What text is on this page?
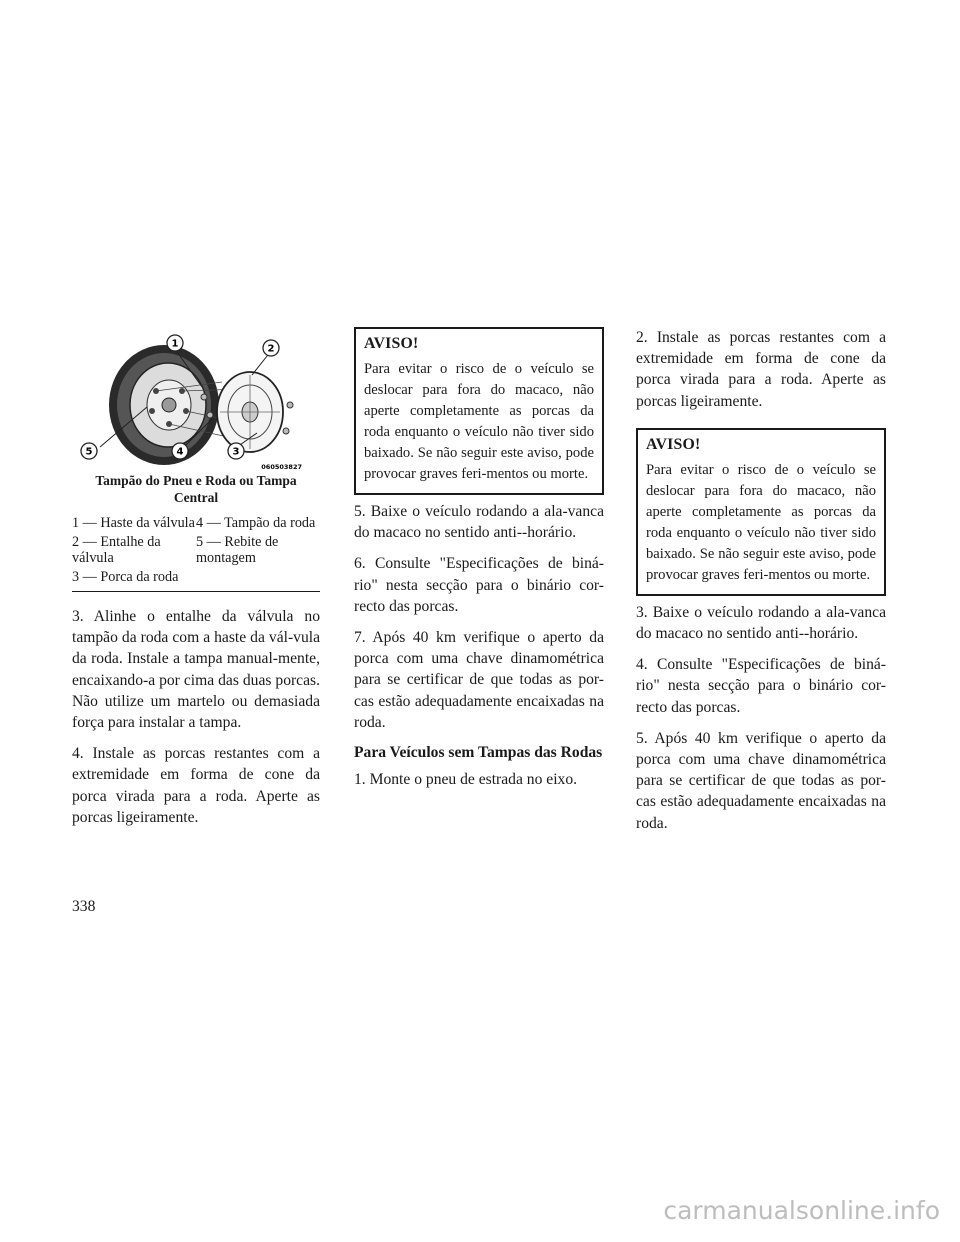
1	2
3
4
5
060503827
Tampão do Pneu e Roda ou Tampa Central
1 — Haste da válvula 4 — Tampão da roda
2 — Entalhe da válvula
5 — Rebite de montagem
3 — Porca da roda

3. Alinhe o entalhe da válvula no tampão da roda com a haste da vál-vula da roda. Instale a tampa manual-mente, encaixando-a por cima das duas porcas. Não utilize um martelo ou demasiada força para instalar a tampa.

4. Instale as porcas restantes com a extremidade em forma de cone da porca virada para a roda. Aperte as porcas ligeiramente.

AVISO!
Para evitar o risco de o veículo se deslocar para fora do macaco, não aperte completamente as porcas da roda enquanto o veículo não tiver sido baixado. Se não seguir este aviso, pode provocar graves feri-mentos ou morte.

5. Baixe o veículo rodando a ala-vanca do macaco no sentido anti--horário.

6. Consulte "Especificações de biná-rio" nesta secção para o binário cor-recto das porcas.

7. Após 40 km verifique o aperto da porca com uma chave dinamométrica para se certificar de que todas as por-cas estão adequadamente encaixadas na roda.

Para Veículos sem Tampas das Rodas

1. Monte o pneu de estrada no eixo.

2. Instale as porcas restantes com a extremidade em forma de cone da porca virada para a roda. Aperte as porcas ligeiramente.

AVISO!
Para evitar o risco de o veículo se deslocar para fora do macaco, não aperte completamente as porcas da roda enquanto o veículo não tiver sido baixado. Se não seguir este aviso, pode provocar graves feri-mentos ou morte.

3. Baixe o veículo rodando a ala-vanca do macaco no sentido anti--horário.

4. Consulte "Especificações de biná-rio" nesta secção para o binário cor-recto das porcas.

5. Após 40 km verifique o aperto da porca com uma chave dinamométrica para se certificar de que todas as por-cas estão adequadamente encaixadas na roda.

338
carmanualsonline.info
